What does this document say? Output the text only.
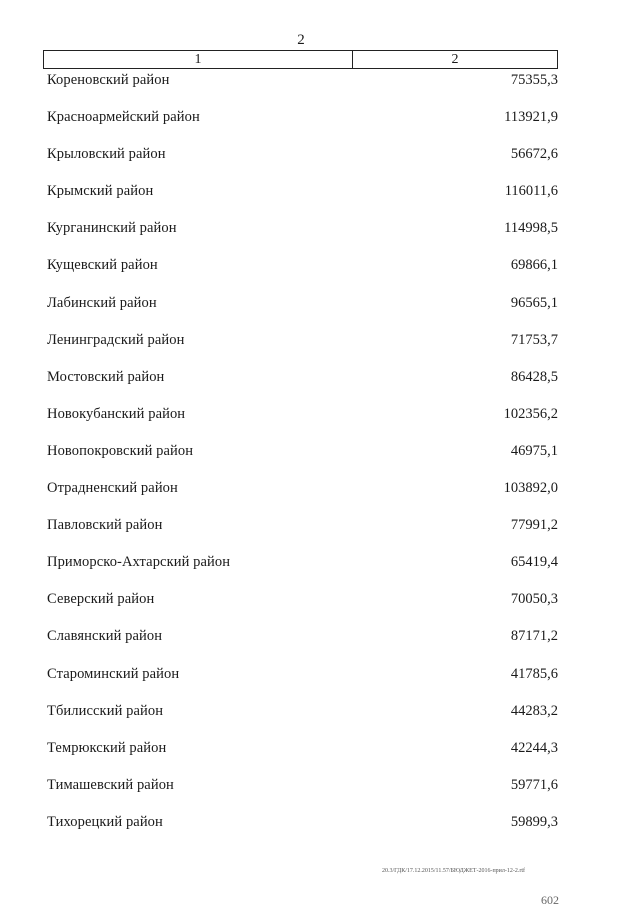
2
1	2
Кореновский район	75355,3
Красноармейский район	113921,9
Крыловский район	56672,6
Крымский район	116011,6
Курганинский район	114998,5
Кущевский район	69866,1
Лабинский район	96565,1
Ленинградский район	71753,7
Мостовский район	86428,5
Новокубанский район	102356,2
Новопокровский район	46975,1
Отрадненский район	103892,0
Павловский район	77991,2
Приморско-Ахтарский район	65419,4
Северский район	70050,3
Славянский район	87171,2
Староминский район	41785,6
Тбилисский район	44283,2
Темрюкский район	42244,3
Тимашевский район	59771,6
Тихорецкий район	59899,3
20.3/ГДК/17.12.2015/11.57/БЮДЖЕТ-2016-прил-12-2.rtf
602
